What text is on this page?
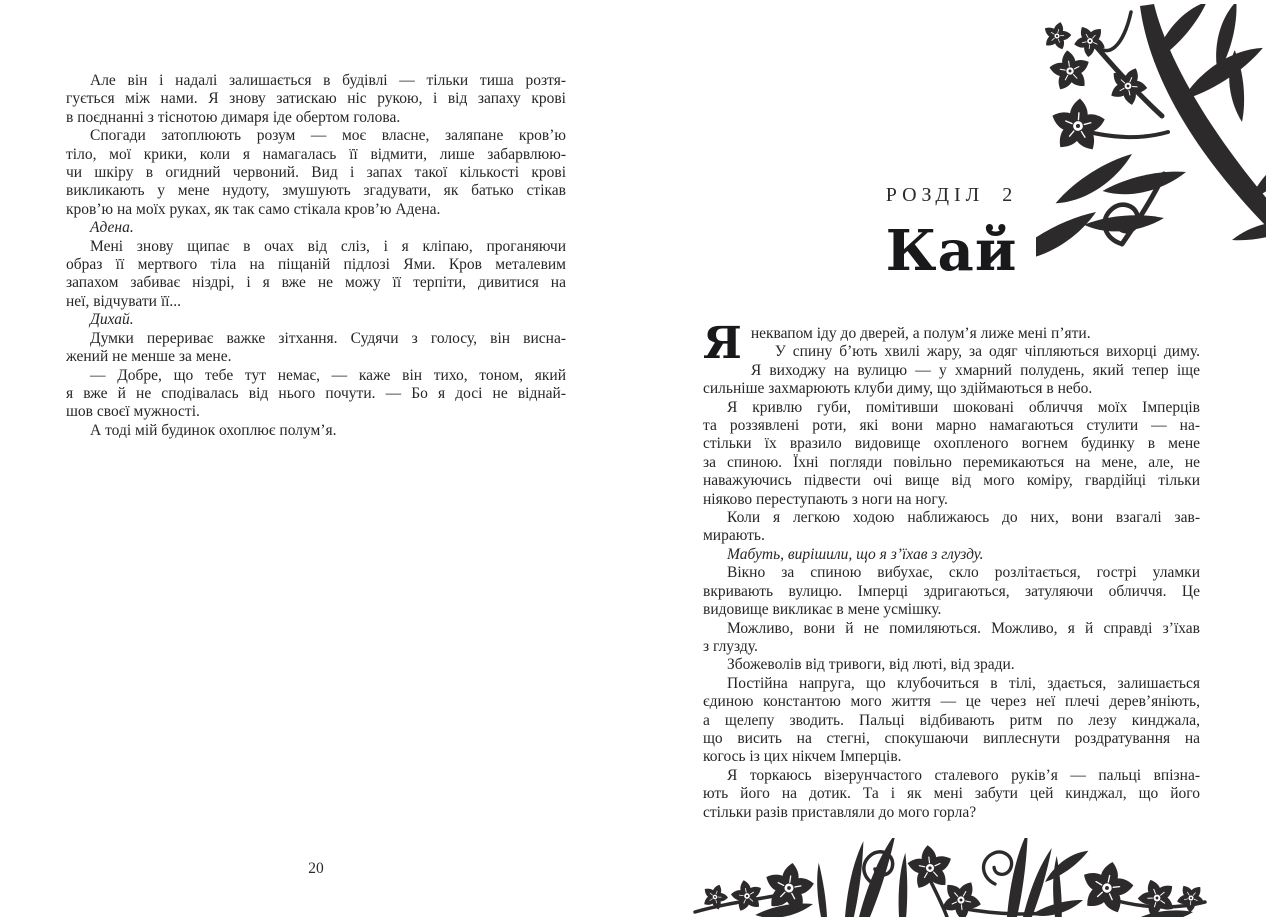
Але він і надалі залишається в будівлі — тільки тиша розтя-
гується між нами. Я знову затискаю ніс рукою, і від запаху крові
в поєднанні з тіснотою димаря іде обертом голова.
Спогади затоплюють розум — моє власне, заляпане кров’ю
тіло, мої крики, коли я намагалась її відмити, лише забарвлюю-
чи шкіру в огидний червоний. Вид і запах такої кількості крові
викликають у мене нудоту, змушують згадувати, як батько стікав
кров’ю на моїх руках, як так само стікала кров’ю Адена.
Адена.
Мені знову щипає в очах від сліз, і я кліпаю, проганяючи
образ її мертвого тіла на піщаній підлозі Ями. Кров металевим
запахом забиває ніздрі, і я вже не можу її терпіти, дивитися на
неї, відчувати її...
Дихай.
Думки перериває важке зітхання. Судячи з голосу, він висна-
жений не менше за мене.
— Добре, що тебе тут немає, — каже він тихо, тоном, який
я вже й не сподівалась від нього почути. — Бо я досі не віднай-
шов своєї мужності.
А тоді мій будинок охоплює полум’я.
20
РОЗДІЛ 2
Кай
Я неквапом іду до дверей, а полум’я лиже мені п’яти.
У спину б’ють хвилі жару, за одяг чіпляються вихорці диму.
Я виходжу на вулицю — у хмарний полудень, який тепер іще
сильніше захмарюють клуби диму, що здіймаються в небо.
Я кривлю губи, помітивши шоковані обличчя моїх Імперців
та роззявлені роти, які вони марно намагаються стулити — на-
стільки їх вразило видовище охопленого вогнем будинку в мене
за спиною. Їхні погляди повільно перемикаються на мене, але, не
наважуючись підвести очі вище від мого коміру, гвардійці тільки
ніяково переступають з ноги на ногу.
Коли я легкою ходою наближаюсь до них, вони взагалі зав-
мирають.
Мабуть, вирішили, що я з’їхав з глузду.
Вікно за спиною вибухає, скло розлітається, гострі уламки
вкривають вулицю. Імперці здригаються, затуляючи обличчя. Це
видовище викликає в мене усмішку.
Можливо, вони й не помиляються. Можливо, я й справді з’їхав
з глузду.
Збожеволів від тривоги, від люті, від зради.
Постійна напруга, що клубочиться в тілі, здається, залишається
єдиною константою мого життя — це через неї плечі дерев’яніють,
а щелепу зводить. Пальці відбивають ритм по лезу кинджала,
що висить на стегні, спокушаючи виплеснути роздратування на
когось із цих нікчем Імперців.
Я торкаюсь візерунчастого сталевого руків’я — пальці впізна-
ють його на дотик. Та і як мені забути цей кинджал, що його
стільки разів приставляли до мого горла?
